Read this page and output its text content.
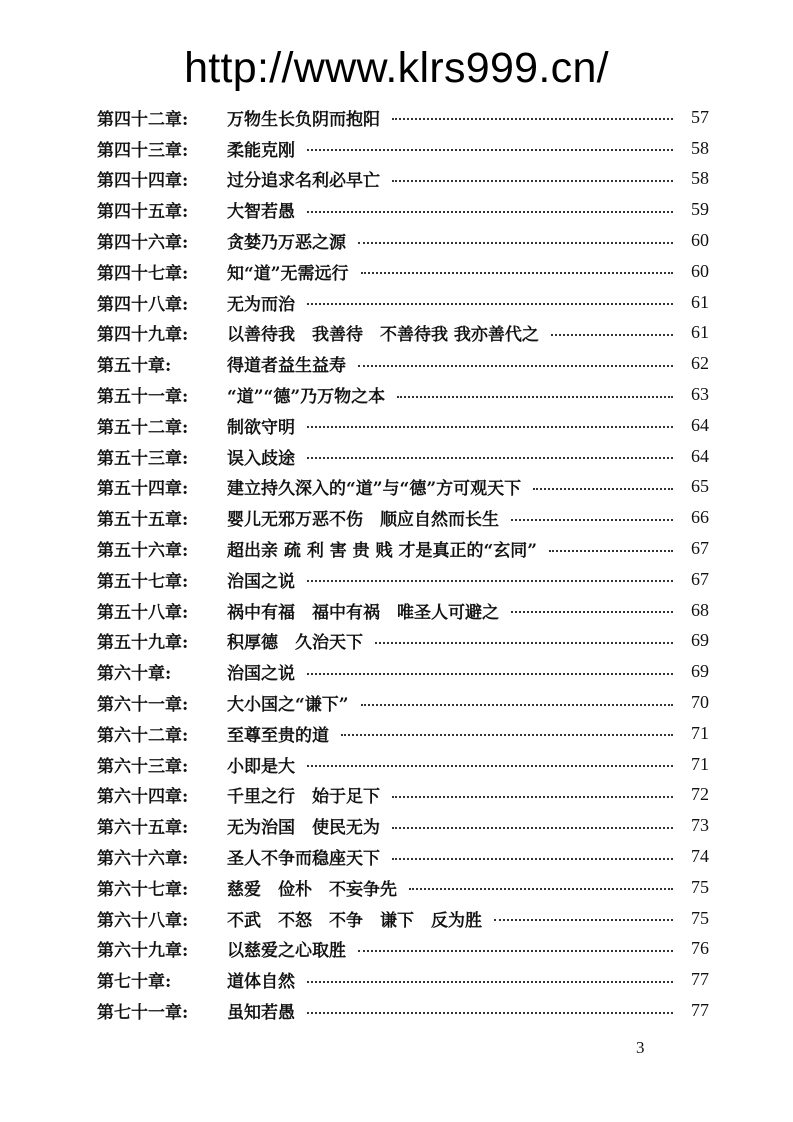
http://www.klrs999.cn/
第四十二章:	万物生长负阴而抱阳	57
第四十三章:	柔能克刚	58
第四十四章:	过分追求名利必早亡	58
第四十五章:	大智若愚	59
第四十六章:	贪婪乃万恶之源	60
第四十七章:	知“道”无需远行	60
第四十八章:	无为而治	61
第四十九章:	以善待我　我善待　不善待我 我亦善代之	61
第五十章:	得道者益生益寿	62
第五十一章:	“道”“德”乃万物之本	63
第五十二章:	制欲守明	64
第五十三章:	误入歧途	64
第五十四章:	建立持久深入的“道”与“德”方可观天下	65
第五十五章:	婴儿无邪万恶不伤　顺应自然而长生	66
第五十六章:	超出亲 疏 利 害 贵 贱 才是真正的“玄同”	67
第五十七章:	治国之说	67
第五十八章:	祸中有福　福中有祸　唯圣人可避之	68
第五十九章:	积厚德　久治天下	69
第六十章:	治国之说	69
第六十一章:	大小国之“谦下”	70
第六十二章:	至尊至贵的道	71
第六十三章:	小即是大	71
第六十四章:	千里之行　始于足下	72
第六十五章:	无为治国　使民无为	73
第六十六章:	圣人不争而稳座天下	74
第六十七章:	慈爱　俭朴　不妄争先	75
第六十八章:	不武　不怒　不争　谦下　反为胜	75
第六十九章:	以慈爱之心取胜	76
第七十章:	道体自然	77
第七十一章:	虽知若愚	77
3
